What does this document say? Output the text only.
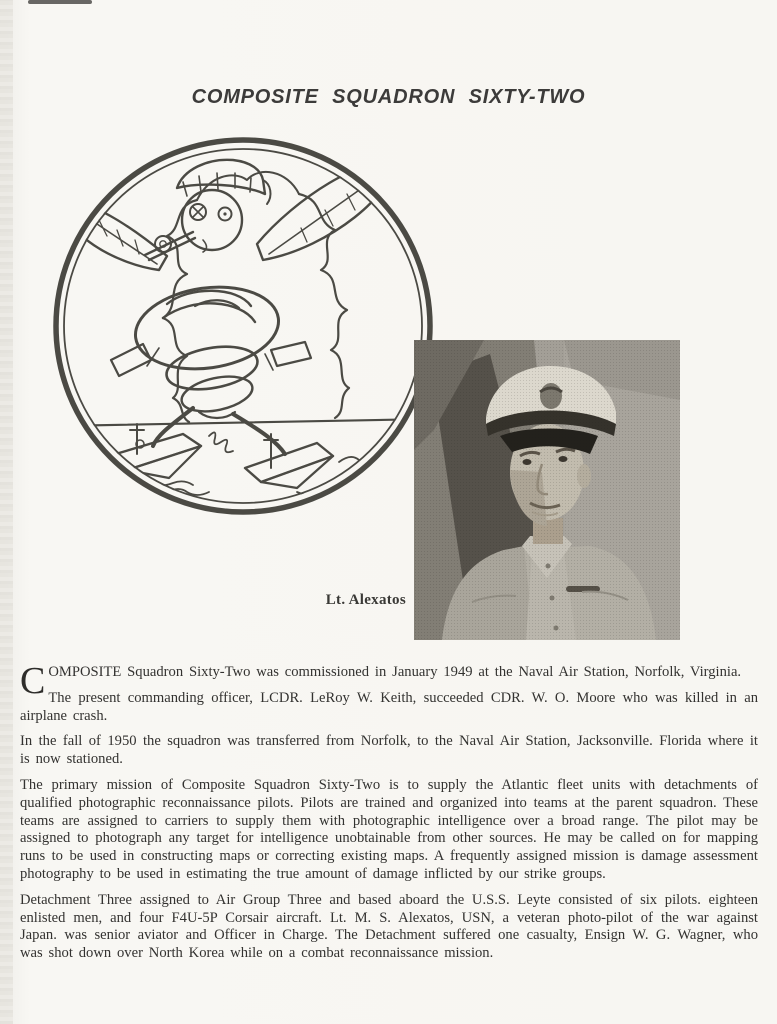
COMPOSITE SQUADRON SIXTY-TWO
Lt. Alexatos

COMPOSITE Squadron Sixty-Two was commissioned in January 1949 at the Naval Air Station, Norfolk, Virginia.

The present commanding officer, LCDR. LeRoy W. Keith, succeeded CDR. W. O. Moore who was killed in an airplane crash.

In the fall of 1950 the squadron was transferred from Norfolk, to the Naval Air Station, Jacksonville. Florida where it is now stationed.

The primary mission of Composite Squadron Sixty-Two is to supply the Atlantic fleet units with detachments of qualified photographic reconnaissance pilots. Pilots are trained and organized into teams at the parent squadron. These teams are assigned to carriers to supply them with photographic intelligence over a broad range. The pilot may be assigned to photograph any target for intelligence unobtainable from other sources. He may be called on for mapping runs to be used in constructing maps or correcting existing maps. A frequently assigned mission is damage assessment photography to be used in estimating the true amount of damage inflicted by our strike groups.

Detachment Three assigned to Air Group Three and based aboard the U.S.S. Leyte consisted of six pilots. eighteen enlisted men, and four F4U-5P Corsair aircraft. Lt. M. S. Alexatos, USN, a veteran photo-pilot of the war against Japan. was senior aviator and Officer in Charge. The Detachment suffered one casualty, Ensign W. G. Wagner, who was shot down over North Korea while on a combat reconnaissance mission.
